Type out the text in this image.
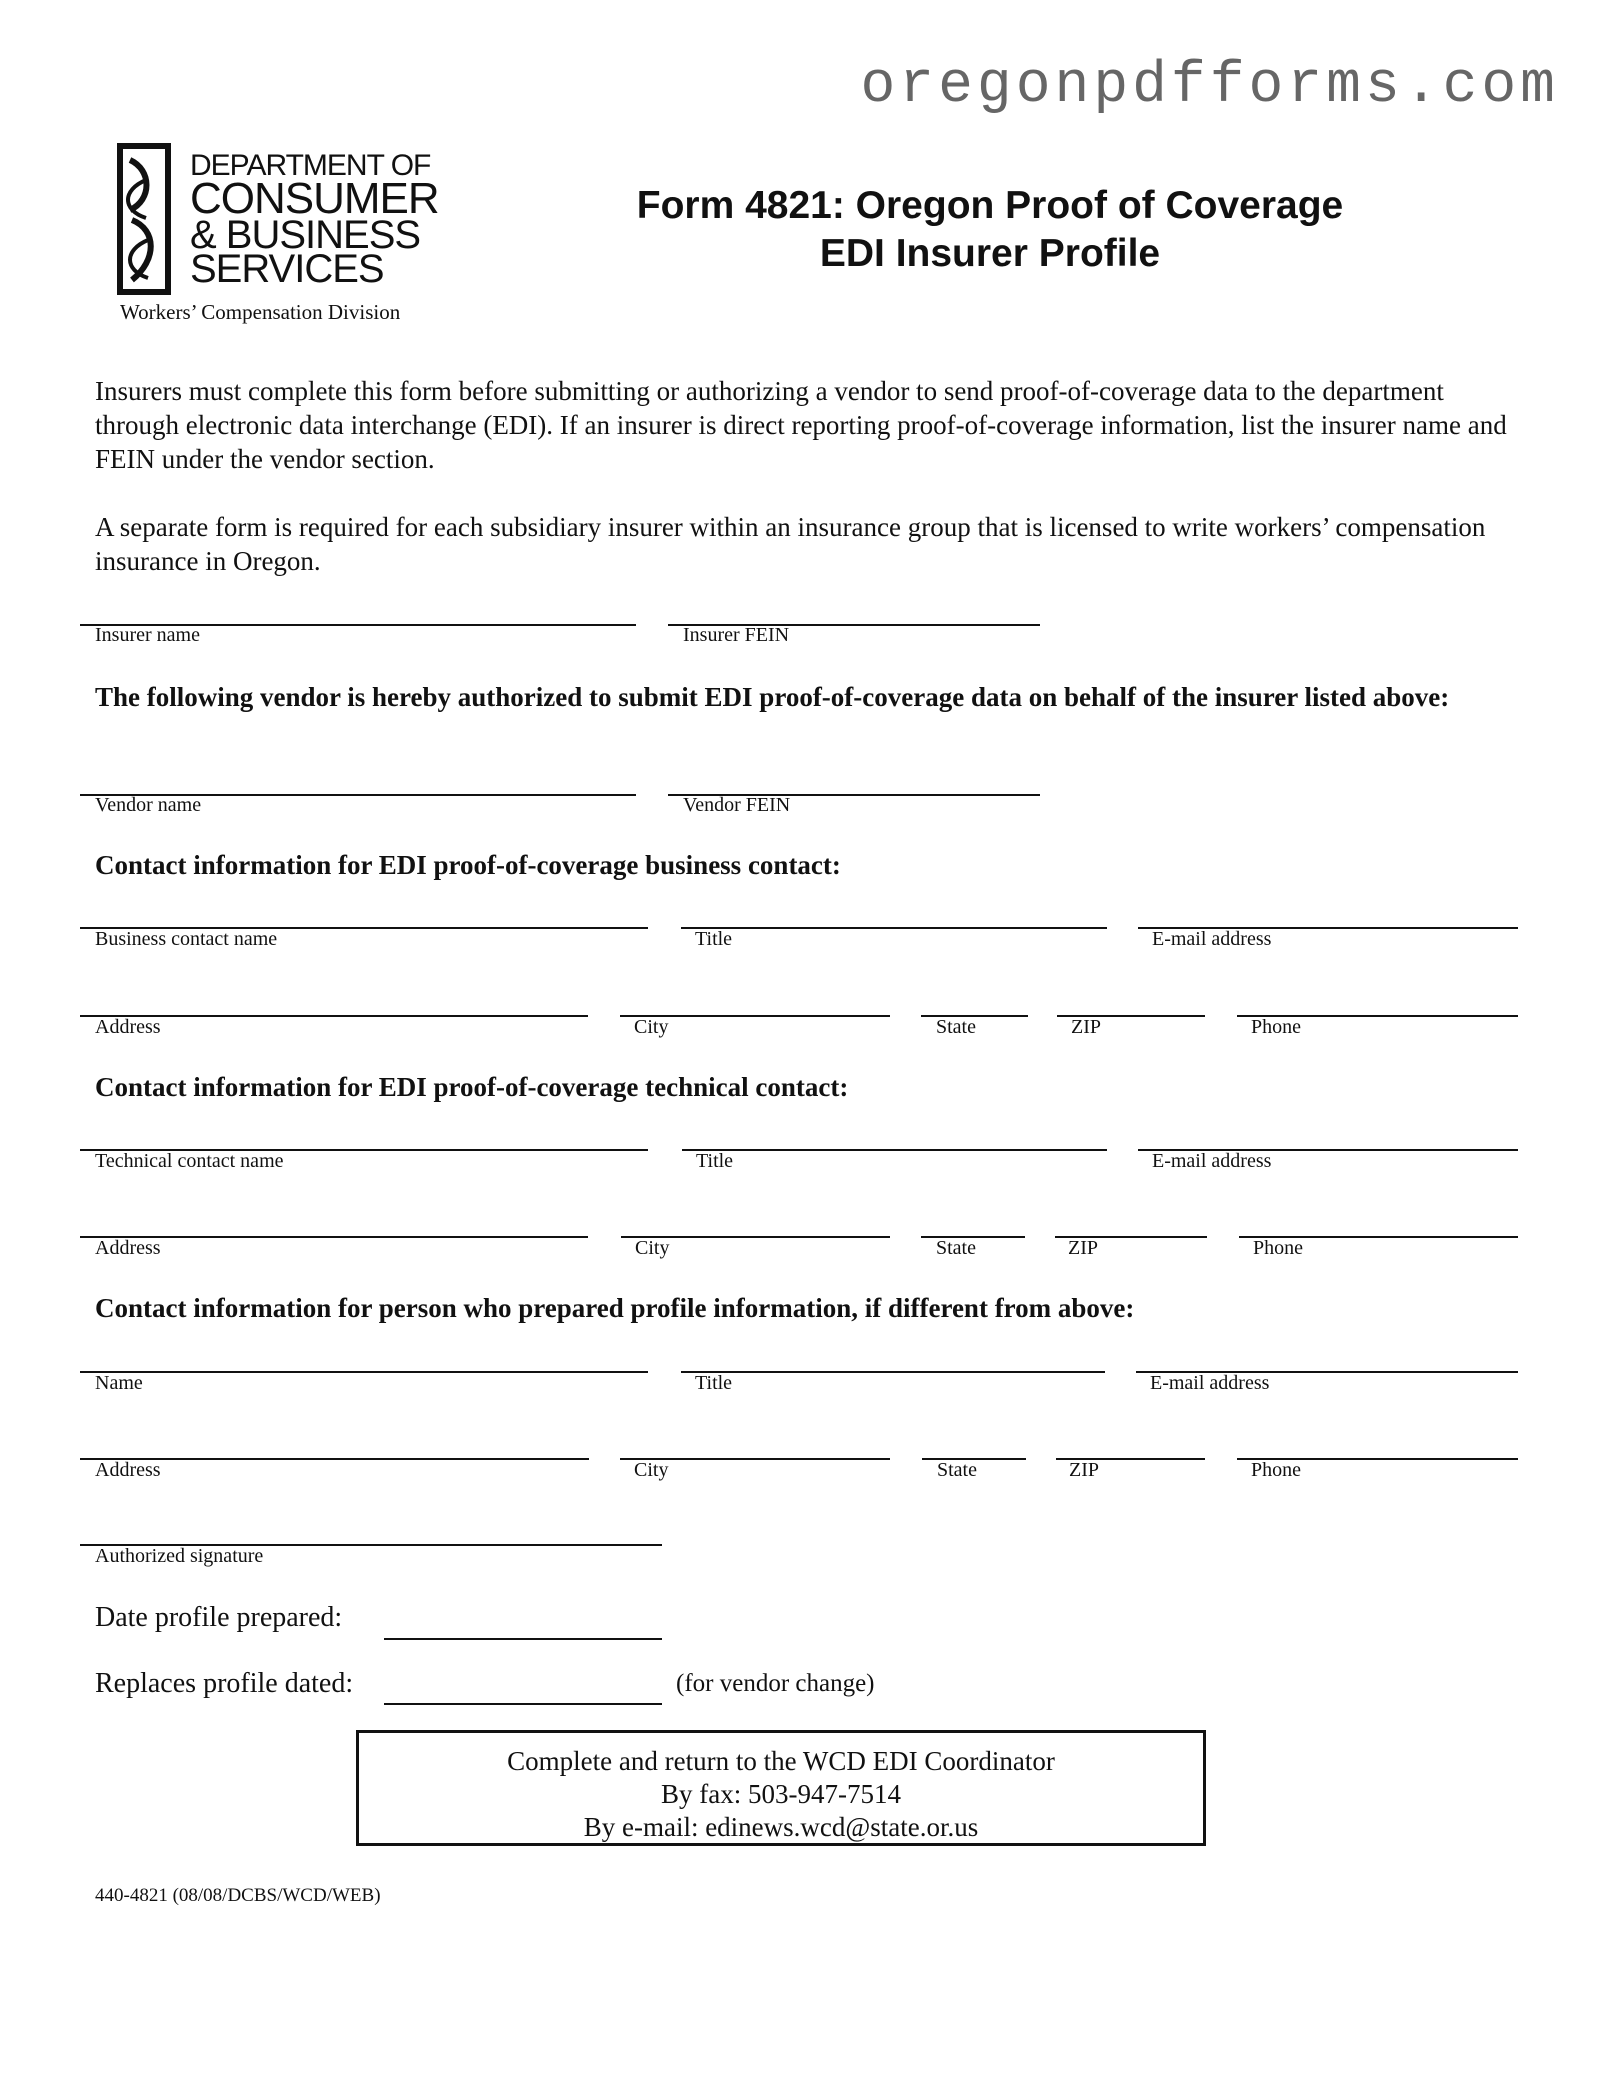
oregonpdfforms.com
DEPARTMENT OF
CONSUMER
& BUSINESS
SERVICES
Workers’ Compensation Division
Form 4821: Oregon Proof of Coverage
EDI Insurer Profile
Insurers must complete this form before submitting or authorizing a vendor to send proof-of-coverage data to the department through electronic data interchange (EDI). If an insurer is direct reporting proof-of-coverage information, list the insurer name and FEIN under the vendor section.
A separate form is required for each subsidiary insurer within an insurance group that is licensed to write workers’ compensation insurance in Oregon.
Insurer name	Insurer FEIN
The following vendor is hereby authorized to submit EDI proof-of-coverage data on behalf of the insurer listed above:
Vendor name	Vendor FEIN
Contact information for EDI proof-of-coverage business contact:
Business contact name	Title	E-mail address
Address	City	State	ZIP	Phone
Contact information for EDI proof-of-coverage technical contact:
Technical contact name	Title	E-mail address
Address	City	State	ZIP	Phone
Contact information for person who prepared profile information, if different from above:
Name	Title	E-mail address
Address	City	State	ZIP	Phone
Authorized signature
Date profile prepared:
Replaces profile dated:	(for vendor change)
Complete and return to the WCD EDI Coordinator
By fax: 503-947-7514
By e-mail: edinews.wcd@state.or.us
440-4821 (08/08/DCBS/WCD/WEB)
